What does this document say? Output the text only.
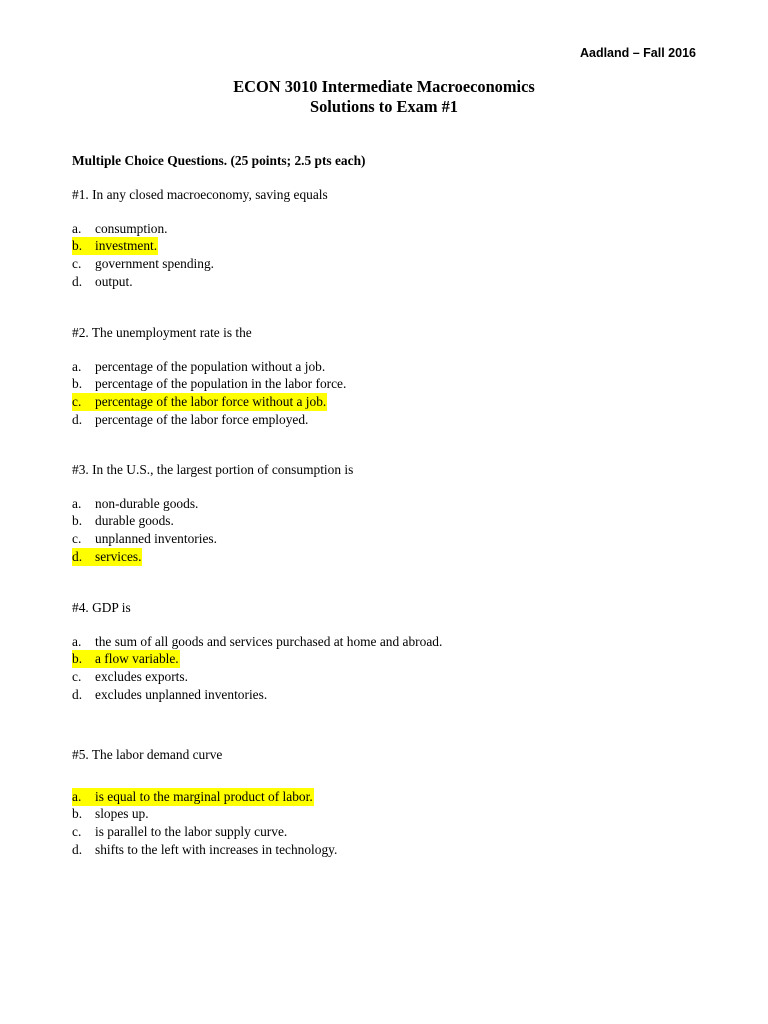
Aadland – Fall 2016
ECON 3010 Intermediate Macroeconomics
Solutions to Exam #1
Multiple Choice Questions. (25 points; 2.5 pts each)
#1. In any closed macroeconomy, saving equals
a. consumption.
b. investment.
c. government spending.
d. output.
#2. The unemployment rate is the
a. percentage of the population without a job.
b. percentage of the population in the labor force.
c. percentage of the labor force without a job.
d. percentage of the labor force employed.
#3. In the U.S., the largest portion of consumption is
a. non-durable goods.
b. durable goods.
c. unplanned inventories.
d. services.
#4. GDP is
a. the sum of all goods and services purchased at home and abroad.
b. a flow variable.
c. excludes exports.
d. excludes unplanned inventories.
#5. The labor demand curve
a. is equal to the marginal product of labor.
b. slopes up.
c. is parallel to the labor supply curve.
d. shifts to the left with increases in technology.
